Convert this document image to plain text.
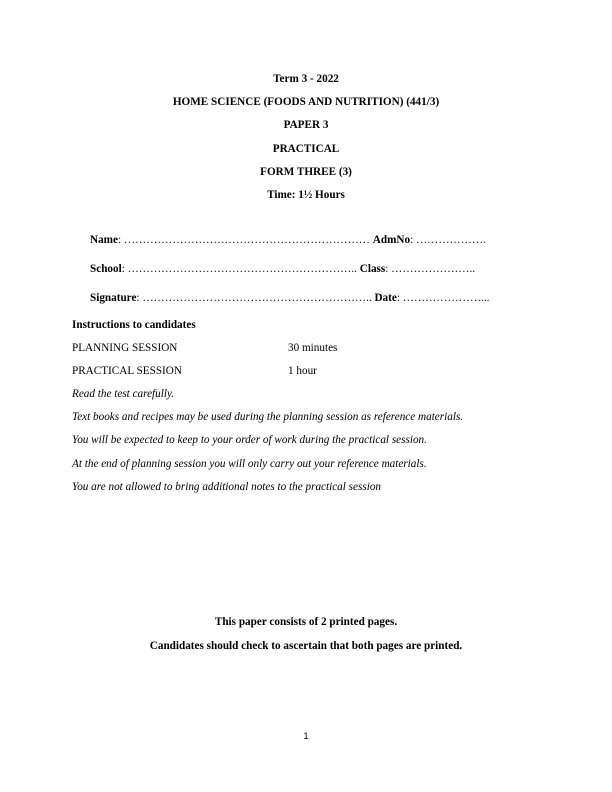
Term 3 - 2022
HOME SCIENCE (FOODS AND NUTRITION) (441/3)
PAPER 3
PRACTICAL
FORM THREE (3)
Time: 1½ Hours
Name: ………………………………………………………… AdmNo: ……………….
School: …………………………………………………….. Class: …………………..
Signature: …………………………………………………….. Date: …………………...
Instructions to candidates
PLANNING SESSION	30 minutes
PRACTICAL SESSION	1 hour
Read the test carefully.
Text books and recipes may be used during the planning session as reference materials.
You will be expected to keep to your order of work during the practical session.
At the end of planning session you will only carry out your reference materials.
You are not allowed to bring additional notes to the practical session
This paper consists of 2 printed pages.
Candidates should check to ascertain that both pages are printed.
1
